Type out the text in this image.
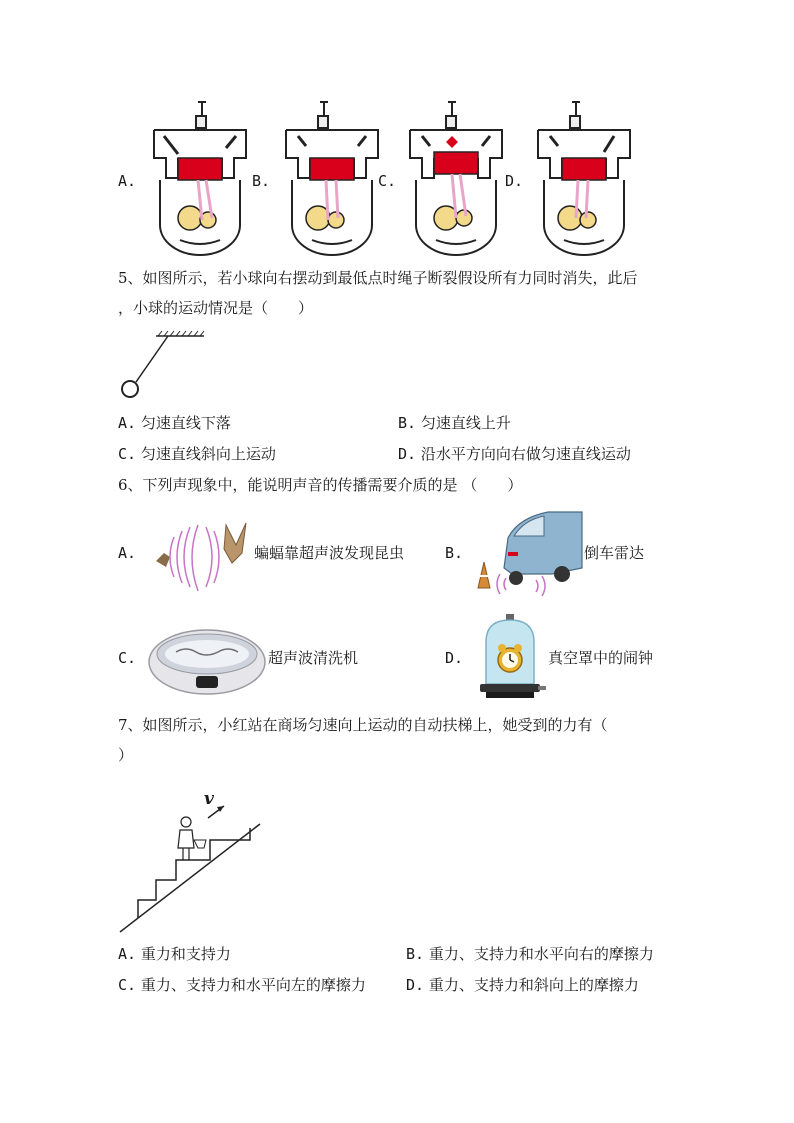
A.	B.	C.	D.
5、如图所示，若小球向右摆动到最低点时绳子断裂假设所有力同时消失，此后
，小球的运动情况是（　　）
A. 匀速直线下落	B. 匀速直线上升
C. 匀速直线斜向上运动	D. 沿水平方向向右做匀速直线运动
6、下列声现象中，能说明声音的传播需要介质的是 （　　）
A.	蝙蝠靠超声波发现昆虫	B.	倒车雷达
C.	超声波清洗机	D.	真空罩中的闹钟
7、如图所示，小红站在商场匀速向上运动的自动扶梯上，她受到的力有（
）
v
A. 重力和支持力	B. 重力、支持力和水平向右的摩擦力
C. 重力、支持力和水平向左的摩擦力	D. 重力、支持力和斜向上的摩擦力
